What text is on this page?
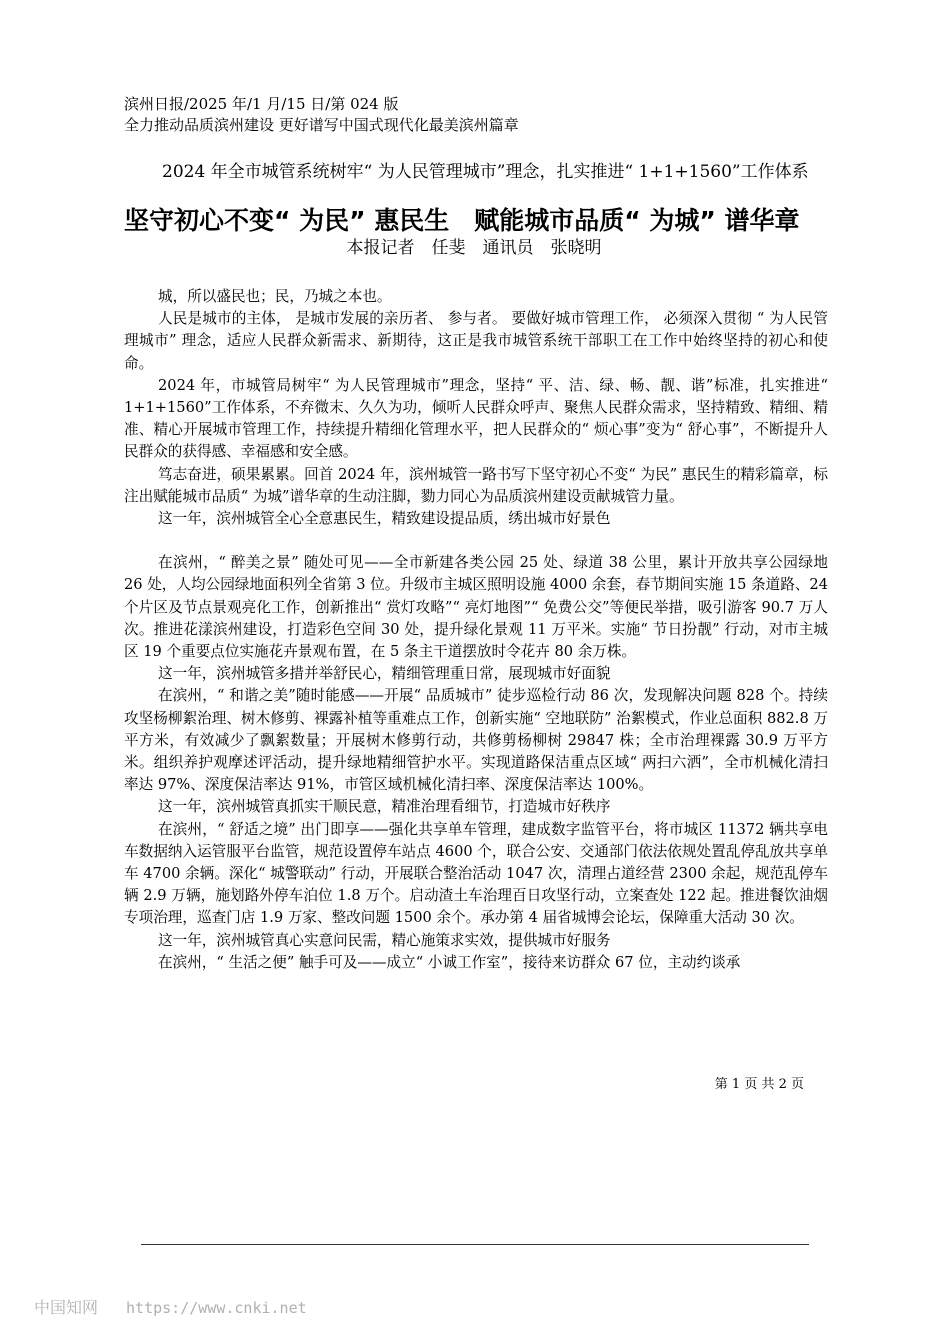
滨州日报/2025 年/1 月/15 日/第 024 版
全力推动品质滨州建设 更好谱写中国式现代化最美滨州篇章
2024 年全市城管系统树牢“ 为人民管理城市”理念，扎实推进“ 1+1+1560”工作体系
坚守初心不变“ 为民” 惠民生　赋能城市品质“ 为城” 谱华章
本报记者　任斐　通讯员　张晓明

城，所以盛民也；民，乃城之本也。

人民是城市的主体， 是城市发展的亲历者、 参与者。 要做好城市管理工作， 必须深入贯彻 “ 为人民管理城市” 理念，适应人民群众新需求、新期待，这正是我市城管系统干部职工在工作中始终坚持的初心和使命。

2024 年，市城管局树牢“ 为人民管理城市”理念，坚持“ 平、洁、绿、畅、靓、谐”标准，扎实推进“ 1+1+1560”工作体系，不弃微末、久久为功，倾听人民群众呼声、聚焦人民群众需求，坚持精致、精细、精准、精心开展城市管理工作，持续提升精细化管理水平，把人民群众的“ 烦心事”变为“ 舒心事”，不断提升人民群众的获得感、幸福感和安全感。

笃志奋进，硕果累累。回首 2024 年，滨州城管一路书写下坚守初心不变“ 为民” 惠民生的精彩篇章，标注出赋能城市品质“ 为城”谱华章的生动注脚，勠力同心为品质滨州建设贡献城管力量。

这一年，滨州城管全心全意惠民生，精致建设提品质，绣出城市好景色

在滨州，“ 醉美之景” 随处可见——全市新建各类公园 25 处、绿道 38 公里，累计开放共享公园绿地 26 处，人均公园绿地面积列全省第 3 位。升级市主城区照明设施 4000 余套，春节期间实施 15 条道路、24 个片区及节点景观亮化工作，创新推出“ 赏灯攻略”“ 亮灯地图”“ 免费公交”等便民举措，吸引游客 90.7 万人次。推进花漾滨州建设，打造彩色空间 30 处，提升绿化景观 11 万平米。实施“ 节日扮靓” 行动，对市主城区 19 个重要点位实施花卉景观布置，在 5 条主干道摆放时令花卉 80 余万株。

这一年，滨州城管多措并举舒民心，精细管理重日常，展现城市好面貌

在滨州，“ 和谐之美”随时能感——开展“ 品质城市” 徒步巡检行动 86 次，发现解决问题 828 个。持续攻坚杨柳絮治理、树木修剪、裸露补植等重难点工作，创新实施“ 空地联防” 治絮模式，作业总面积 882.8 万平方米，有效减少了飘絮数量；开展树木修剪行动，共修剪杨柳树 29847 株；全市治理裸露 30.9 万平方米。组织养护观摩述评活动，提升绿地精细管护水平。实现道路保洁重点区域“ 两扫六洒”，全市机械化清扫率达 97%、深度保洁率达 91%，市管区域机械化清扫率、深度保洁率达 100%。

这一年，滨州城管真抓实干顺民意，精准治理看细节，打造城市好秩序

在滨州，“ 舒适之境” 出门即享——强化共享单车管理，建成数字监管平台，将市城区 11372 辆共享电车数据纳入运管服平台监管，规范设置停车站点 4600 个，联合公安、交通部门依法依规处置乱停乱放共享单车 4700 余辆。深化“ 城警联动” 行动，开展联合整治活动 1047 次，清理占道经营 2300 余起，规范乱停车辆 2.9 万辆，施划路外停车泊位 1.8 万个。启动渣土车治理百日攻坚行动，立案查处 122 起。推进餐饮油烟专项治理，巡查门店 1.9 万家、整改问题 1500 余个。承办第 4 届省城博会论坛，保障重大活动 30 次。

这一年，滨州城管真心实意问民需，精心施策求实效，提供城市好服务

在滨州，“ 生活之便” 触手可及——成立“ 小诚工作室”，接待来访群众 67 位，主动约谈承

第 1 页 共 2 页
中国知网 https://www.cnki.net
